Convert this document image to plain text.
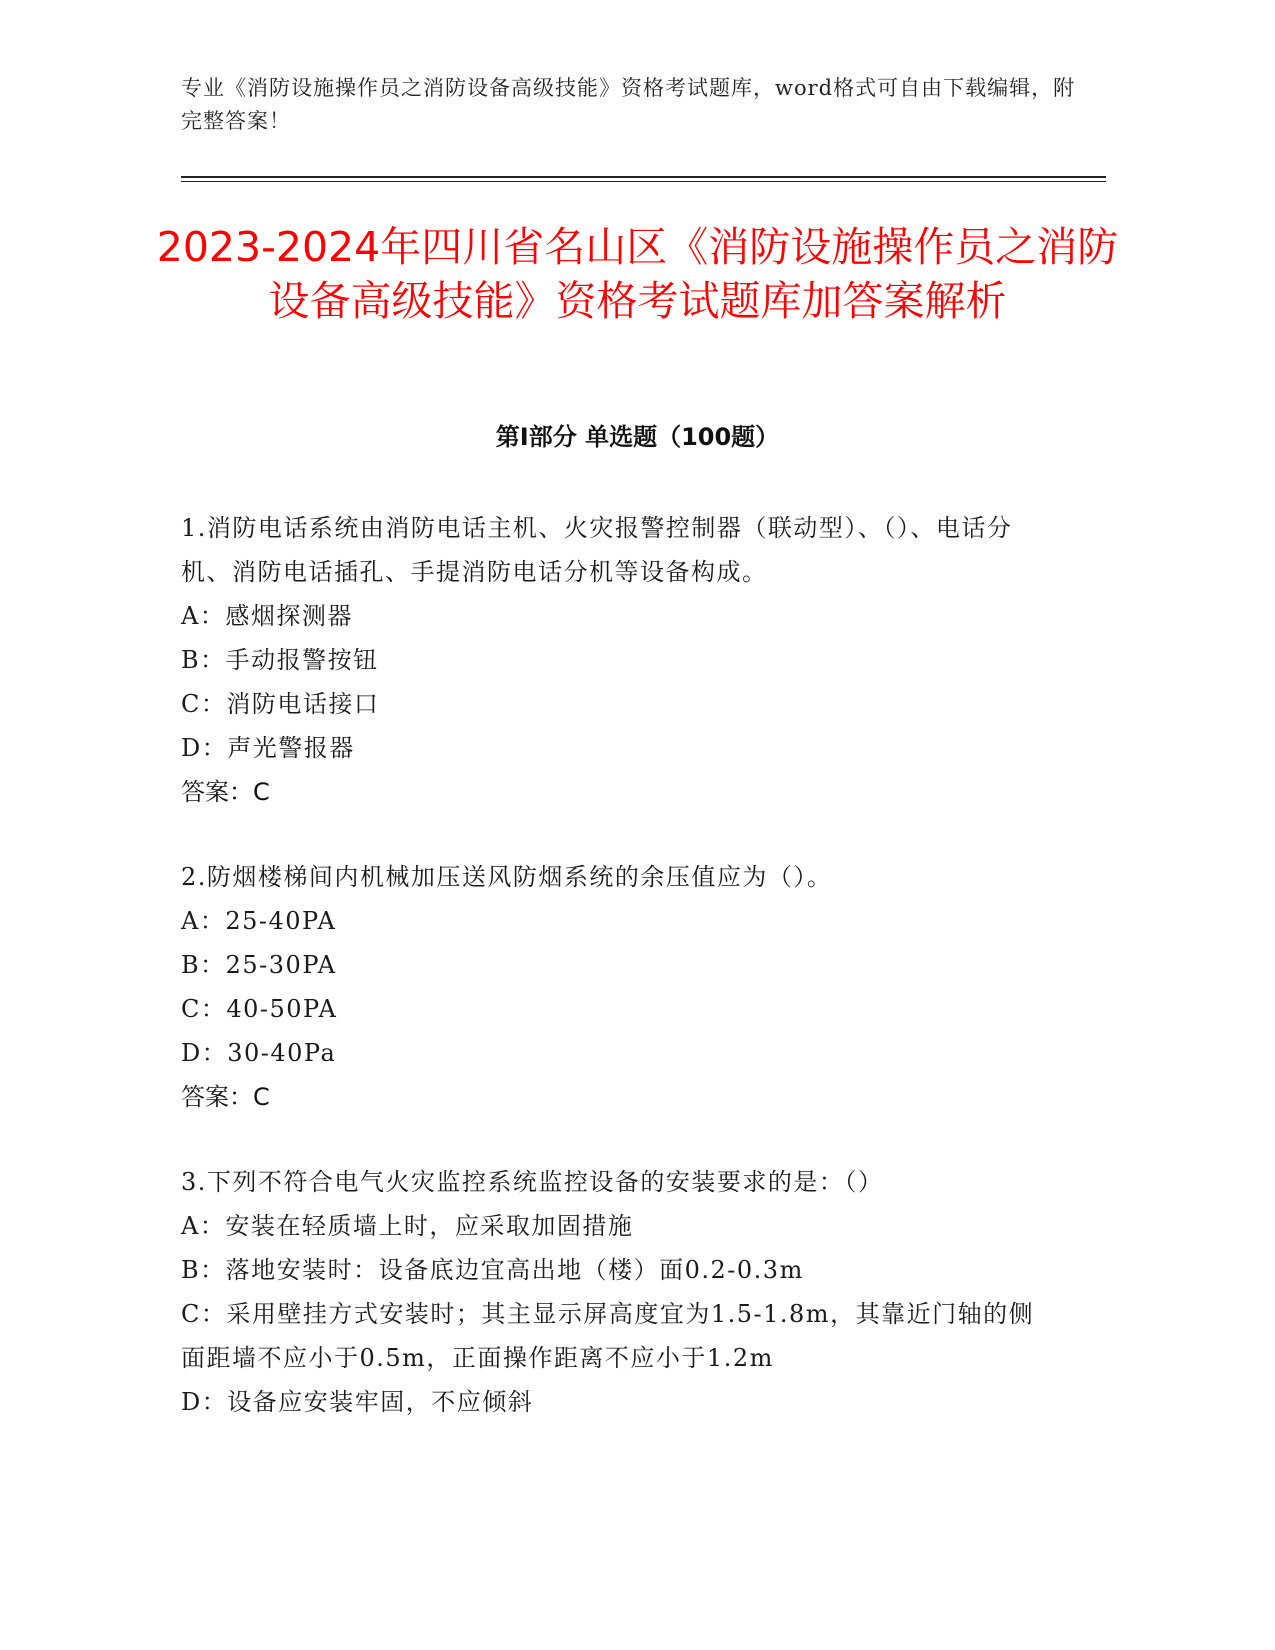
专业《消防设施操作员之消防设备高级技能》资格考试题库，word格式可自由下载编辑，附完整答案！
2023-2024年四川省名山区《消防设施操作员之消防设备高级技能》资格考试题库加答案解析
第I部分 单选题（100题）

1.消防电话系统由消防电话主机、火灾报警控制器（联动型）、（）、电话分机、消防电话插孔、手提消防电话分机等设备构成。

A：感烟探测器

B：手动报警按钮

C：消防电话接口

D：声光警报器

答案：C

2.防烟楼梯间内机械加压送风防烟系统的余压值应为（）。

A：25-40PA

B：25-30PA

C：40-50PA

D：30-40Pa

答案：C

3.下列不符合电气火灾监控系统监控设备的安装要求的是：（）

A：安装在轻质墙上时，应采取加固措施

B：落地安装时：设备底边宜高出地（楼）面0.2-0.3m

C：采用壁挂方式安装时；其主显示屏高度宜为1.5-1.8m，其靠近门轴的侧面距墙不应小于0.5m，正面操作距离不应小于1.2m

D：设备应安装牢固，不应倾斜
